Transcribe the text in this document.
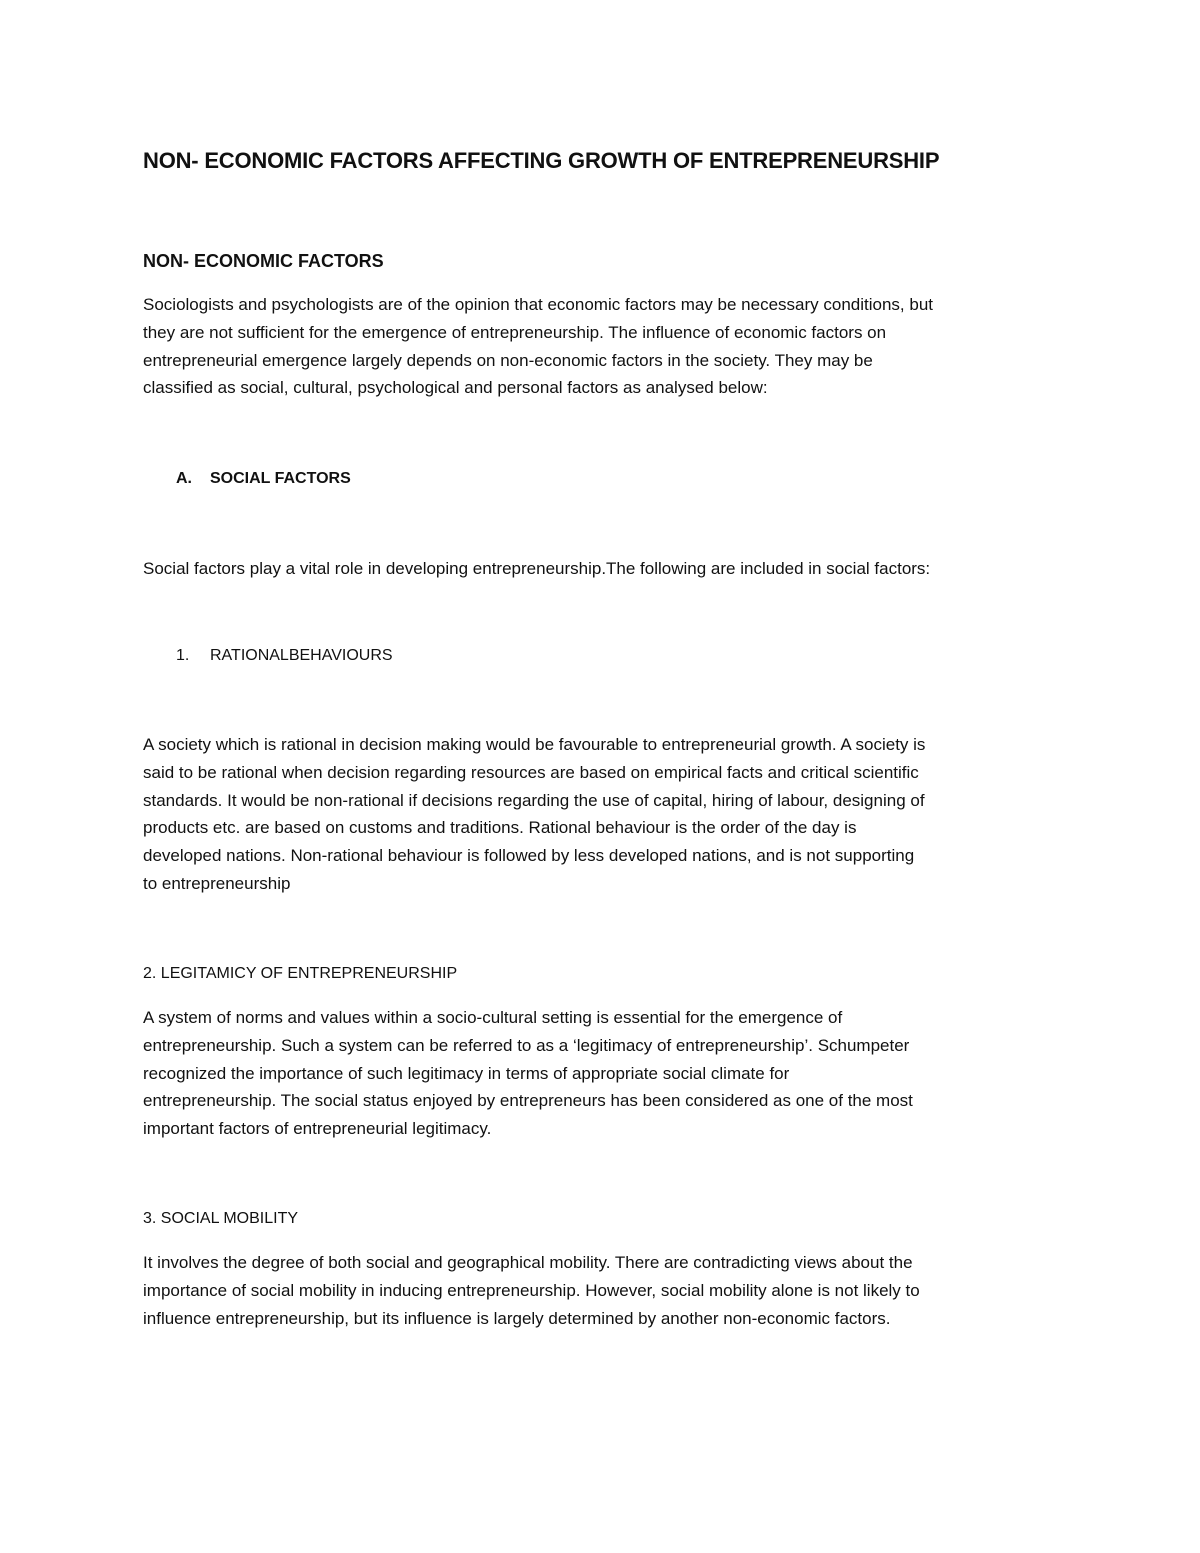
NON- ECONOMIC FACTORS AFFECTING GROWTH OF ENTREPRENEURSHIP
NON- ECONOMIC FACTORS

Sociologists and psychologists are of the opinion that economic factors may be necessary conditions, but
they are not sufficient for the emergence of entrepreneurship. The influence of economic factors on
entrepreneurial emergence largely depends on non-economic factors in the society. They may be
classified as social, cultural, psychological and personal factors as analysed below:

A. SOCIAL FACTORS

Social factors play a vital role in developing entrepreneurship.The following are included in social factors:

1. RATIONALBEHAVIOURS

A society which is rational in decision making would be favourable to entrepreneurial growth. A society is
said to be rational when decision regarding resources are based on empirical facts and critical scientific
standards. It would be non-rational if decisions regarding the use of capital, hiring of labour, designing of
products etc. are based on customs and traditions. Rational behaviour is the order of the day is
developed nations. Non-rational behaviour is followed by less developed nations, and is not supporting
to entrepreneurship

2. LEGITAMICY OF ENTREPRENEURSHIP

A system of norms and values within a socio-cultural setting is essential for the emergence of
entrepreneurship. Such a system can be referred to as a ‘legitimacy of entrepreneurship’. Schumpeter
recognized the importance of such legitimacy in terms of appropriate social climate for
entrepreneurship. The social status enjoyed by entrepreneurs has been considered as one of the most
important factors of entrepreneurial legitimacy.

3. SOCIAL MOBILITY

It involves the degree of both social and geographical mobility. There are contradicting views about the
importance of social mobility in inducing entrepreneurship. However, social mobility alone is not likely to
influence entrepreneurship, but its influence is largely determined by another non-economic factors.
